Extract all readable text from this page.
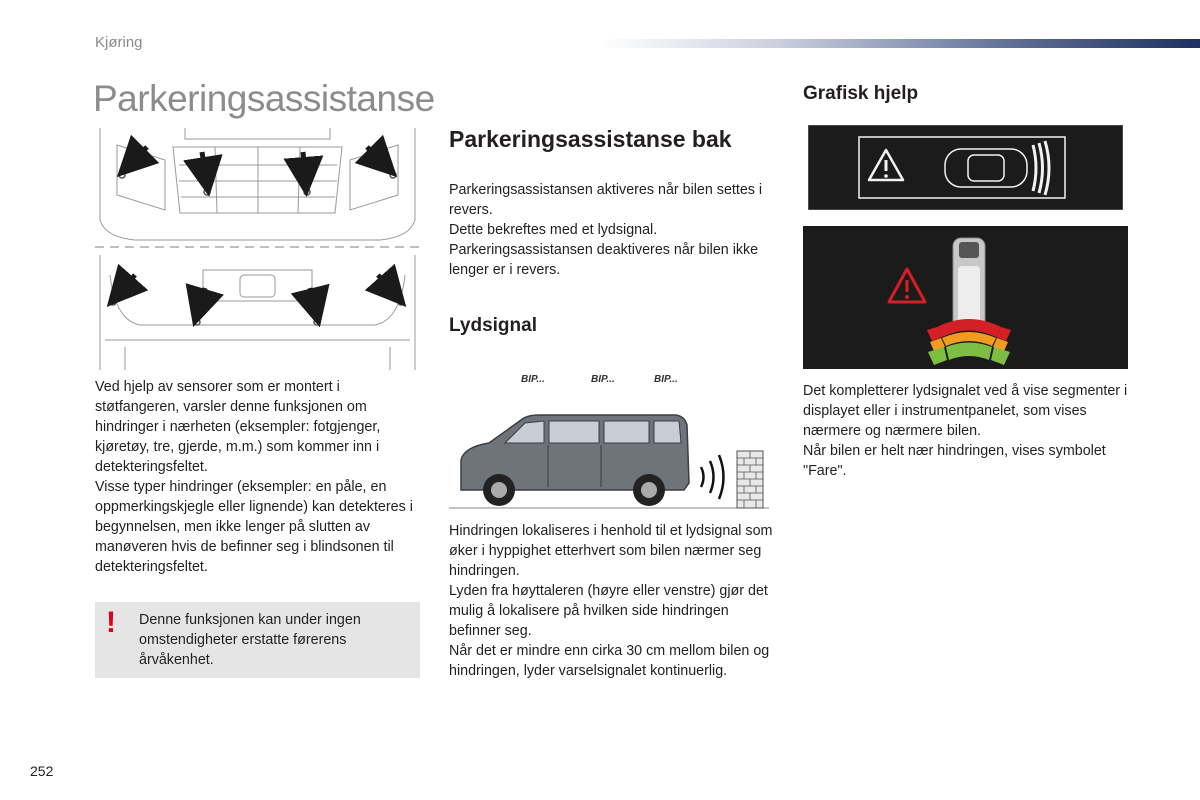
Kjøring
Parkeringsassistanse

Ved hjelp av sensorer som er montert i støtfangeren, varsler denne funksjonen om hindringer i nærheten (eksempler: fotgjenger, kjøretøy, tre, gjerde, m.m.) som kommer inn i detekteringsfeltet.

Visse typer hindringer (eksempler: en påle, en oppmerkingskjegle eller lignende) kan detekteres i begynnelsen, men ikke lenger på slutten av manøveren hvis de befinner seg i blindsonen til detekteringsfeltet.

! Denne funksjonen kan under ingen omstendigheter erstatte førerens årvåkenhet.
Parkeringsassistanse bak

Parkeringsassistansen aktiveres når bilen settes i revers.

Dette bekreftes med et lydsignal.

Parkeringsassistansen deaktiveres når bilen ikke lenger er i revers.

Lydsignal
BIP...	BIP...	BIP...

Hindringen lokaliseres i henhold til et lydsignal som øker i hyppighet etterhvert som bilen nærmer seg hindringen.

Lyden fra høyttaleren (høyre eller venstre) gjør det mulig å lokalisere på hvilken side hindringen befinner seg.

Når det er mindre enn cirka 30 cm mellom bilen og hindringen, lyder varselsignalet kontinuerlig.

Grafisk hjelp

Det kompletterer lydsignalet ved å vise segmenter i displayet eller i instrumentpanelet, som vises nærmere og nærmere bilen.

Når bilen er helt nær hindringen, vises symbolet "Fare".

252
